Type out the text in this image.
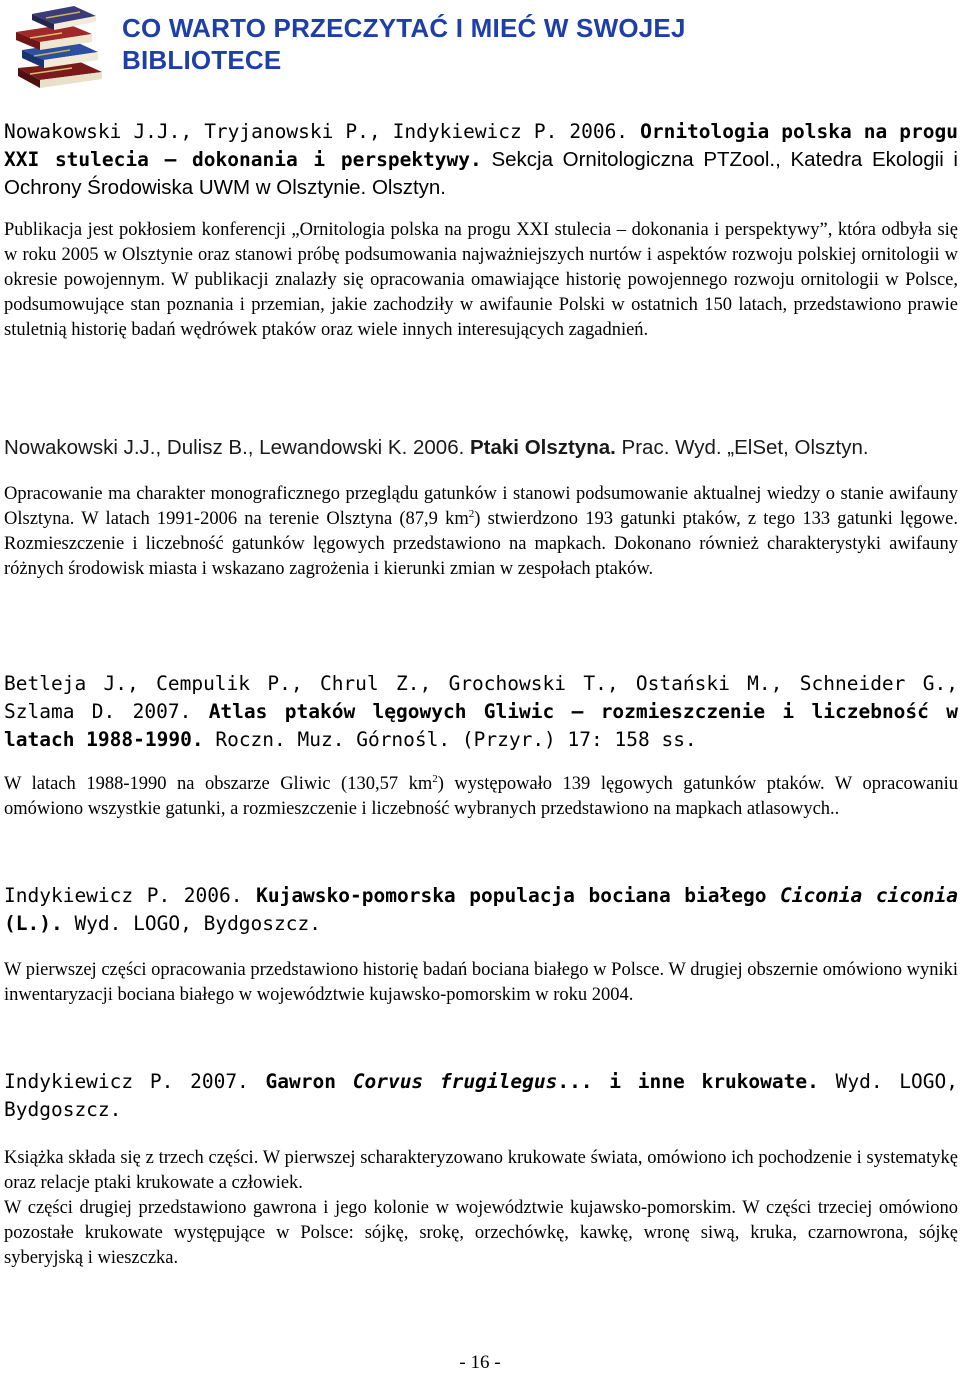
CO WARTO PRZECZYTAĆ I MIEĆ W SWOJEJ
BIBLIOTECE

Nowakowski J.J., Tryjanowski P., Indykiewicz P. 2006. Ornitologia polska na progu XXI stulecia – dokonania i perspektywy. Sekcja Ornitologiczna PTZool., Katedra Ekologii i Ochrony Środowiska UWM w Olsztynie. Olsztyn.

Publikacja jest pokłosiem konferencji „Ornitologia polska na progu XXI stulecia – dokonania i perspektywy”, która odbyła się w roku 2005 w Olsztynie oraz stanowi próbę podsumowania najważniejszych nurtów i aspektów rozwoju polskiej ornitologii w okresie powojennym. W publikacji znalazły się opracowania omawiające historię powojennego rozwoju ornitologii w Polsce, podsumowujące stan poznania i przemian, jakie zachodziły w awifaunie Polski w ostatnich 150 latach, przedstawiono prawie stuletnią historię badań wędrówek ptaków oraz wiele innych interesujących zagadnień.

Nowakowski J.J., Dulisz B., Lewandowski K. 2006. Ptaki Olsztyna. Prac. Wyd. „ElSet, Olsztyn.

Opracowanie ma charakter monograficznego przeglądu gatunków i stanowi podsumowanie aktualnej wiedzy o stanie awifauny Olsztyna. W latach 1991-2006 na terenie Olsztyna (87,9 $km^2$) stwierdzono 193 gatunki ptaków, z tego 133 gatunki lęgowe. Rozmieszczenie i liczebność gatunków lęgowych przedstawiono na mapkach. Dokonano również charakterystyki awifauny różnych środowisk miasta i wskazano zagrożenia i kierunki zmian w zespołach ptaków.

Betleja J., Cempulik P., Chrul Z., Grochowski T., Ostański M., Schneider G., Szlama D. 2007. Atlas ptaków lęgowych Gliwic – rozmieszczenie i liczebność w latach 1988-1990. Roczn. Muz. Górnośl. (Przyr.) 17: 158 ss.

W latach 1988-1990 na obszarze Gliwic (130,57 $km^2$) występowało 139 lęgowych gatunków ptaków. W opracowaniu omówiono wszystkie gatunki, a rozmieszczenie i liczebność wybranych przedstawiono na mapkach atlasowych..

Indykiewicz P. 2006. Kujawsko-pomorska populacja bociana białego Ciconia ciconia (L.). Wyd. LOGO, Bydgoszcz.

W pierwszej części opracowania przedstawiono historię badań bociana białego w Polsce. W drugiej obszernie omówiono wyniki inwentaryzacji bociana białego w województwie kujawsko-pomorskim w roku 2004.

Indykiewicz P. 2007. Gawron Corvus frugilegus... i inne krukowate. Wyd. LOGO, Bydgoszcz.

Książka składa się z trzech części. W pierwszej scharakteryzowano krukowate świata, omówiono ich pochodzenie i systematykę oraz relacje ptaki krukowate a człowiek.

W części drugiej przedstawiono gawrona i jego kolonie w województwie kujawsko-pomorskim. W części trzeciej omówiono pozostałe krukowate występujące w Polsce: sójkę, srokę, orzechówkę, kawkę, wronę siwą, kruka, czarnowrona, sójkę syberyjską i wieszczka.

- 16 -
